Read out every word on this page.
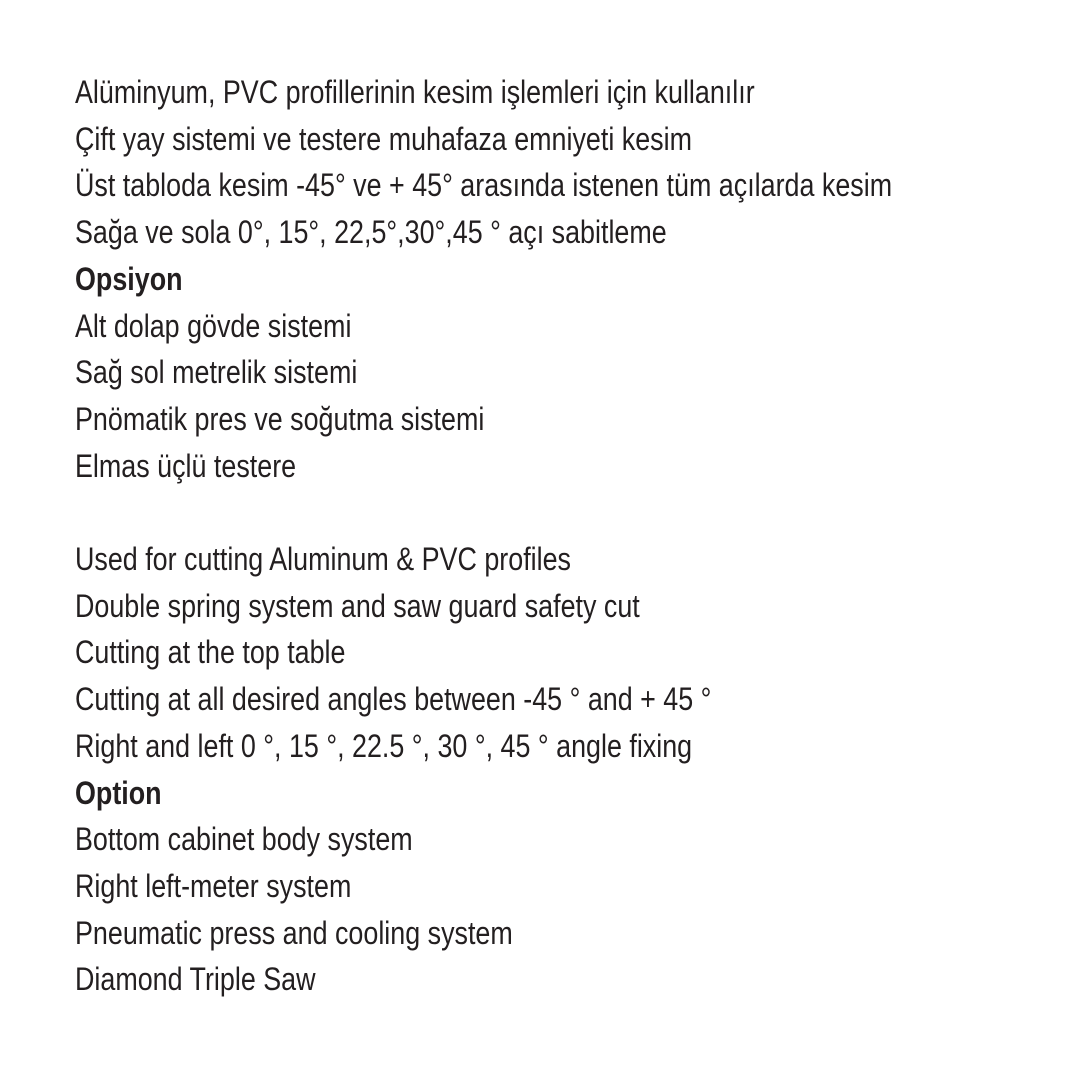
Alüminyum, PVC profillerinin kesim işlemleri için kullanılır
Çift yay sistemi ve testere muhafaza emniyeti kesim
Üst tabloda kesim -45° ve + 45° arasında istenen tüm açılarda kesim
Sağa ve sola 0°, 15°, 22,5°,30°,45 ° açı sabitleme
Opsiyon
Alt dolap gövde sistemi
Sağ sol metrelik sistemi
Pnömatik pres ve soğutma sistemi
Elmas üçlü testere
Used for cutting Aluminum & PVC profiles
Double spring system and saw guard safety cut
Cutting at the top table
Cutting at all desired angles between -45 ° and + 45 °
Right and left 0 °, 15 °, 22.5 °, 30 °, 45 ° angle fixing
Option
Bottom cabinet body system
Right left-meter system
Pneumatic press and cooling system
Diamond Triple Saw
